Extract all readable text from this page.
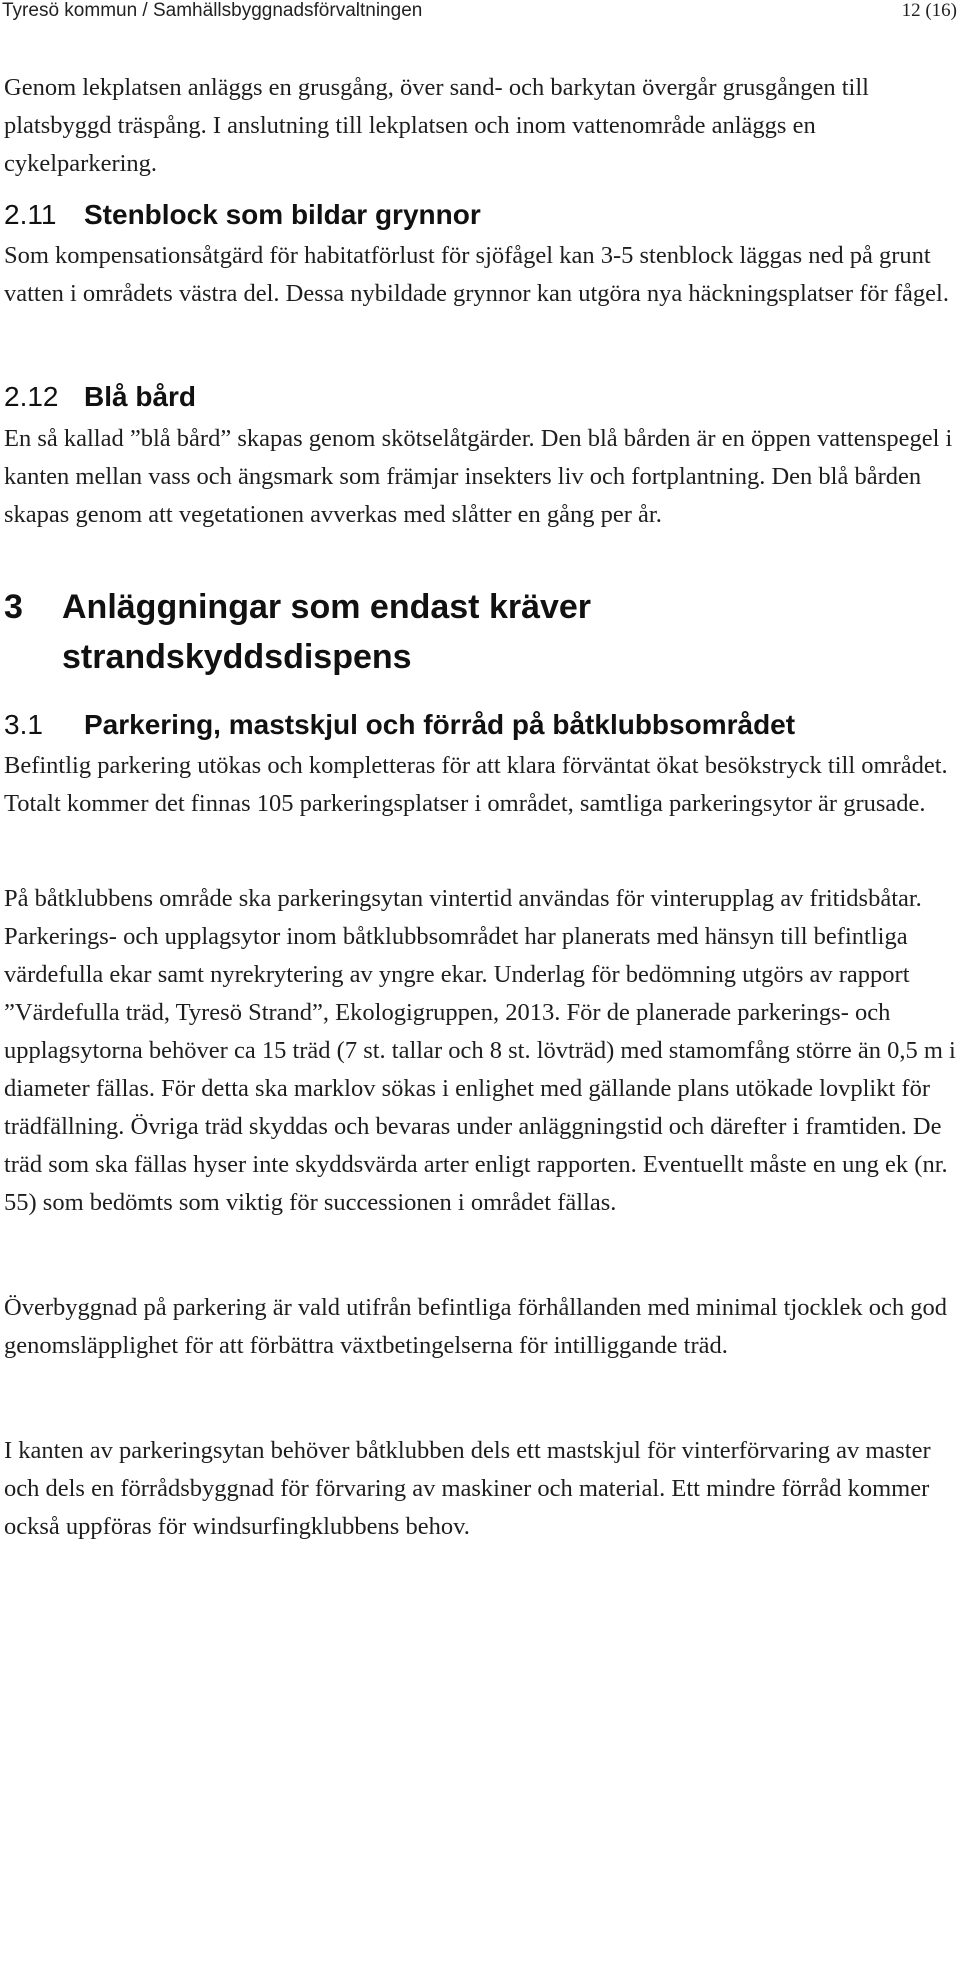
Tyresö kommun / Samhällsbyggnadsförvaltningen	12 (16)

Genom lekplatsen anläggs en grusgång, över sand- och barkytan övergår grusgången till platsbyggd träspång. I anslutning till lekplatsen och inom vattenområde anläggs en cykelparkering.

2.11 Stenblock som bildar grynnor

Som kompensationsåtgärd för habitatförlust för sjöfågel kan 3-5 stenblock läggas ned på grunt vatten i områdets västra del. Dessa nybildade grynnor kan utgöra nya häckningsplatser för fågel.

2.12 Blå bård

En så kallad ”blå bård” skapas genom skötselåtgärder. Den blå bården är en öppen vattenspegel i kanten mellan vass och ängsmark som främjar insekters liv och fortplantning. Den blå bården skapas genom att vegetationen avverkas med slåtter en gång per år.

3 Anläggningar som endast kräver
strandskyddsdispens
3.1 Parkering, mastskjul och förråd på båtklubbsområdet

Befintlig parkering utökas och kompletteras för att klara förväntat ökat besökstryck till området. Totalt kommer det finnas 105 parkeringsplatser i området, samtliga parkeringsytor är grusade.

På båtklubbens område ska parkeringsytan vintertid användas för vinterupplag av fritidsbåtar. Parkerings- och upplagsytor inom båtklubbsområdet har planerats med hänsyn till befintliga värdefulla ekar samt nyrekrytering av yngre ekar. Underlag för bedömning utgörs av rapport ”Värdefulla träd, Tyresö Strand”, Ekologigruppen, 2013. För de planerade parkerings- och upplagsytorna behöver ca 15 träd (7 st. tallar och 8 st. lövträd) med stamomfång större än 0,5 m i diameter fällas. För detta ska marklov sökas i enlighet med gällande plans utökade lovplikt för trädfällning. Övriga träd skyddas och bevaras under anläggningstid och därefter i framtiden. De träd som ska fällas hyser inte skyddsvärda arter enligt rapporten. Eventuellt måste en ung ek (nr. 55) som bedömts som viktig för successionen i området fällas.

Överbyggnad på parkering är vald utifrån befintliga förhållanden med minimal tjocklek och god genomsläpplighet för att förbättra växtbetingelserna för intilliggande träd.

I kanten av parkeringsytan behöver båtklubben dels ett mastskjul för vinterförvaring av master och dels en förrådsbyggnad för förvaring av maskiner och material. Ett mindre förråd kommer också uppföras för windsurfingklubbens behov.
